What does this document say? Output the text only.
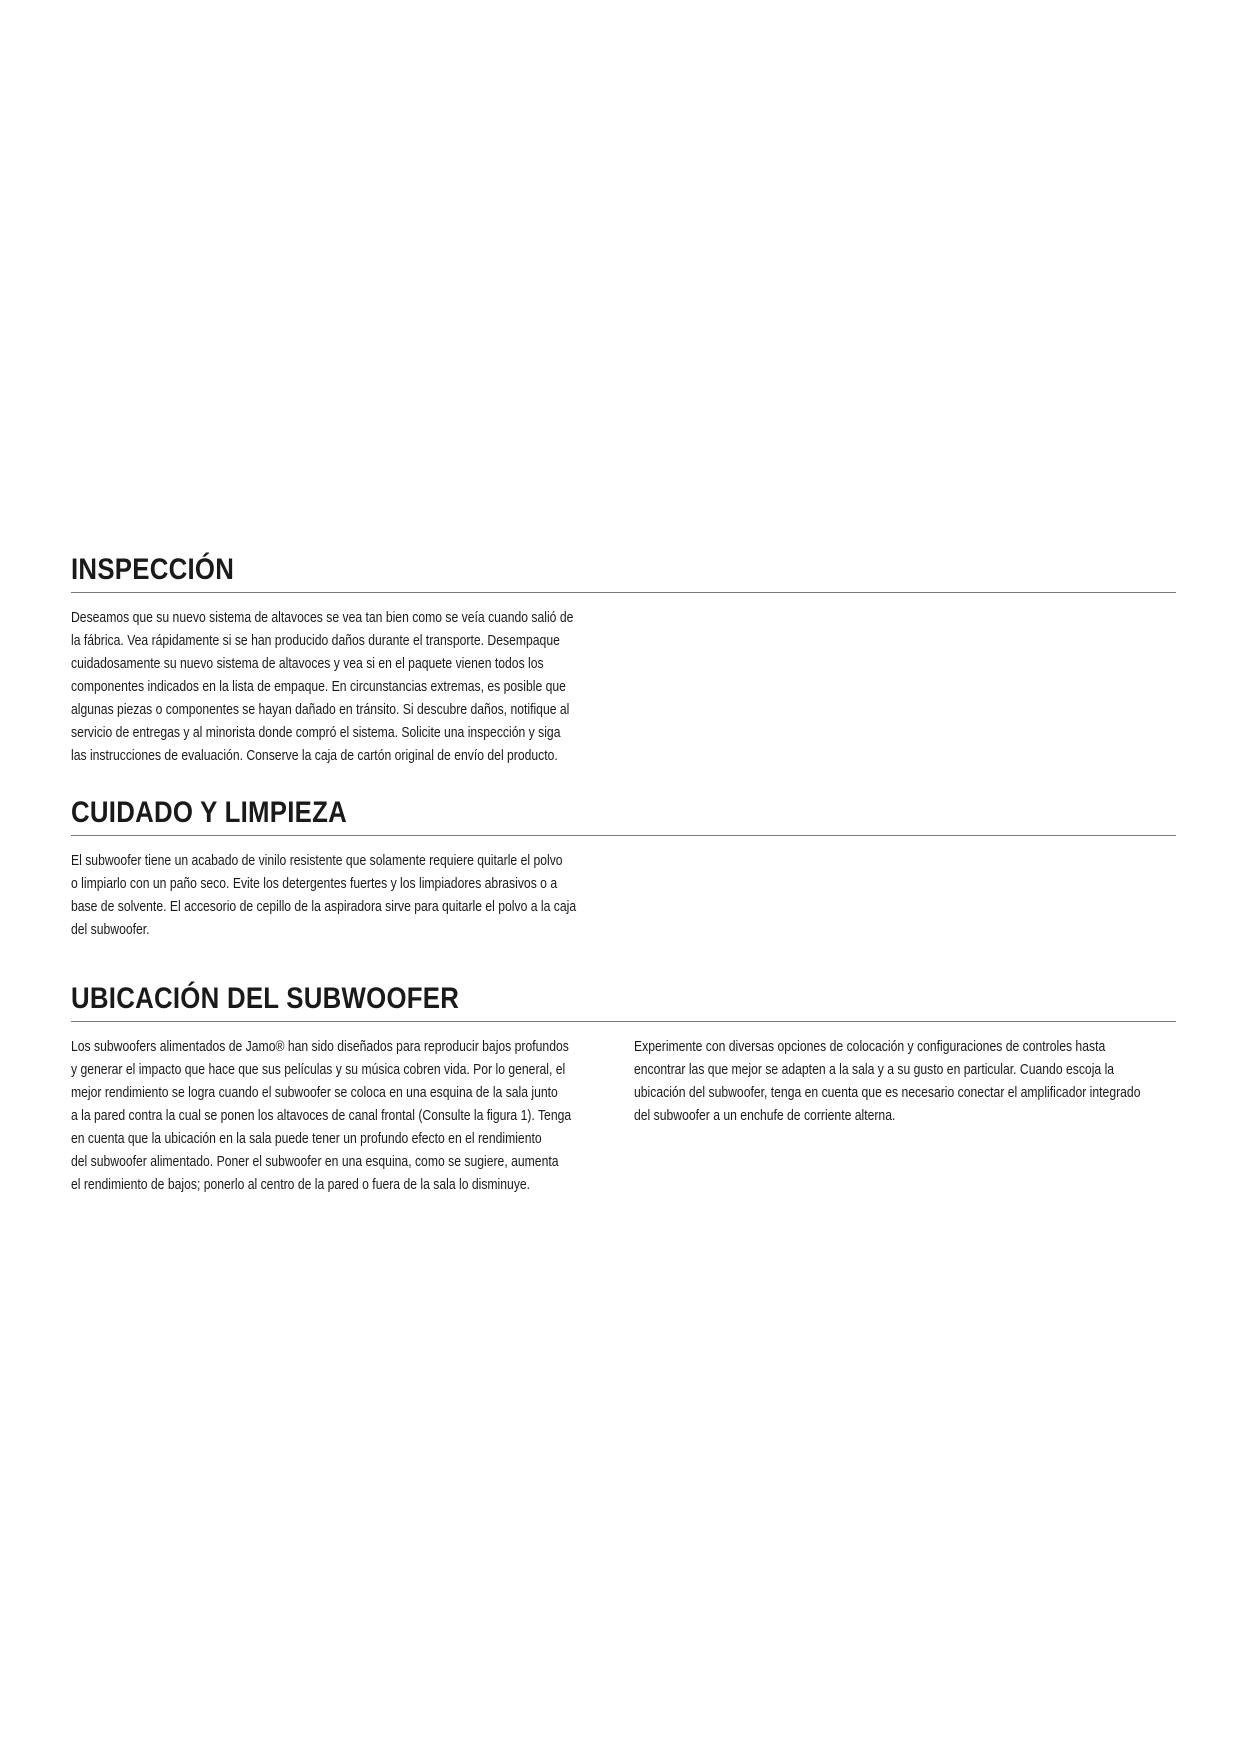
INSPECCIÓN
Deseamos que su nuevo sistema de altavoces se vea tan bien como se veía cuando salió de
la fábrica. Vea rápidamente si se han producido daños durante el transporte. Desempaque
cuidadosamente su nuevo sistema de altavoces y vea si en el paquete vienen todos los
componentes indicados en la lista de empaque. En circunstancias extremas, es posible que
algunas piezas o componentes se hayan dañado en tránsito. Si descubre daños, notifique al
servicio de entregas y al minorista donde compró el sistema. Solicite una inspección y siga
las instrucciones de evaluación. Conserve la caja de cartón original de envío del producto.
CUIDADO Y LIMPIEZA
El subwoofer tiene un acabado de vinilo resistente que solamente requiere quitarle el polvo
o limpiarlo con un paño seco. Evite los detergentes fuertes y los limpiadores abrasivos o a
base de solvente. El accesorio de cepillo de la aspiradora sirve para quitarle el polvo a la caja
del subwoofer.
UBICACIÓN DEL SUBWOOFER
Los subwoofers alimentados de Jamo® han sido diseñados para reproducir bajos profundos
y generar el impacto que hace que sus películas y su música cobren vida. Por lo general, el
mejor rendimiento se logra cuando el subwoofer se coloca en una esquina de la sala junto
a la pared contra la cual se ponen los altavoces de canal frontal (Consulte la figura 1). Tenga
en cuenta que la ubicación en la sala puede tener un profundo efecto en el rendimiento
del subwoofer alimentado. Poner el subwoofer en una esquina, como se sugiere, aumenta
el rendimiento de bajos; ponerlo al centro de la pared o fuera de la sala lo disminuye.
Experimente con diversas opciones de colocación y configuraciones de controles hasta
encontrar las que mejor se adapten a la sala y a su gusto en particular. Cuando escoja la
ubicación del subwoofer, tenga en cuenta que es necesario conectar el amplificador integrado
del subwoofer a un enchufe de corriente alterna.
